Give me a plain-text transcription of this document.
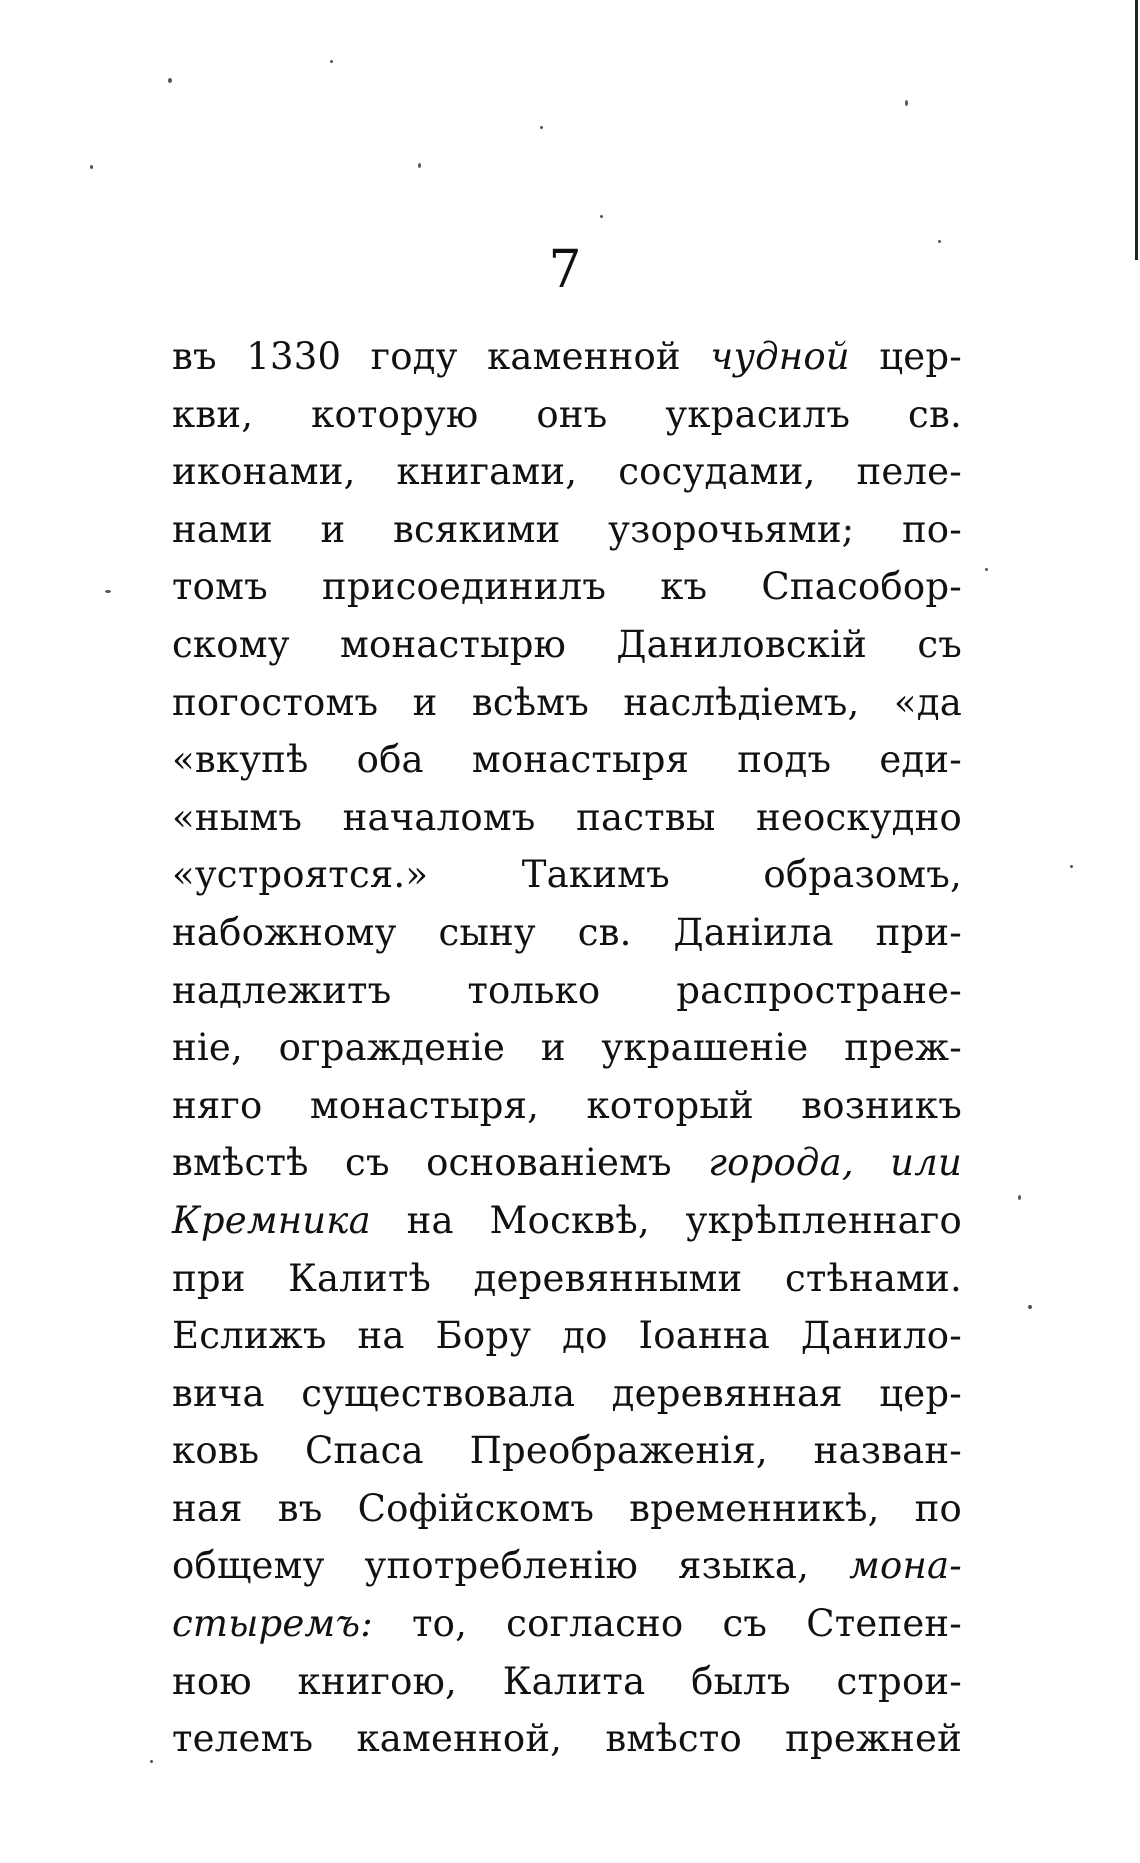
7
въ 1330 году каменной чудной цер-
кви, которую онъ украсилъ св.
иконами, книгами, сосудами, пеле-
нами и всякими узорочьями; по-
томъ присоединилъ къ Спасобор-
скому монастырю Даниловскій съ
погостомъ и всѣмъ наслѣдіемъ, «да
«вкупѣ оба монастыря подъ еди-
«нымъ началомъ паствы неоскудно
«устроятся.»	Такимъ	образомъ,
набожному сыну св. Даніила при-
надлежитъ только распростране-
ніе, огражденіе и украшеніе преж-
няго монастыря, который возникъ
вмѣстѣ съ основаніемъ города, или
Кремника на Москвѣ, укрѣпленнаго
при Калитѣ деревянными стѣнами.
Еслижъ на Бору до Іоанна Данило-
вича существовала деревянная цер-
ковь Спаса Преображенія, назван-
ная въ Софійскомъ временникѣ, по
общему употребленію языка, мона-
стыремъ: то, согласно съ Степен-
ною книгою, Калита былъ строи-
телемъ каменной, вмѣсто прежней
